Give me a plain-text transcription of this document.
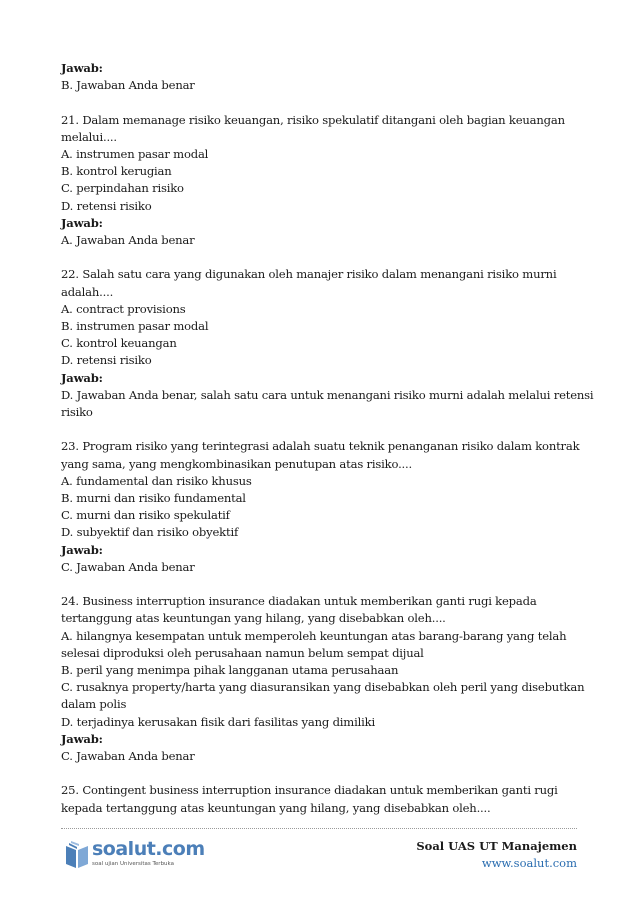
Jawab:
B. Jawaban Anda benar
21. Dalam memanage risiko keuangan, risiko spekulatif ditangani oleh bagian keuangan
melalui....
A. instrumen pasar modal
B. kontrol kerugian
C. perpindahan risiko
D. retensi risiko
Jawab:
A. Jawaban Anda benar
22. Salah satu cara yang digunakan oleh manajer risiko dalam menangani risiko murni
adalah....
A. contract provisions
B. instrumen pasar modal
C. kontrol keuangan
D. retensi risiko
Jawab:
D. Jawaban Anda benar, salah satu cara untuk menangani risiko murni adalah melalui retensi
risiko
23. Program risiko yang terintegrasi adalah suatu teknik penanganan risiko dalam kontrak
yang sama, yang mengkombinasikan penutupan atas risiko....
A. fundamental dan risiko khusus
B. murni dan risiko fundamental
C. murni dan risiko spekulatif
D. subyektif dan risiko obyektif
Jawab:
C. Jawaban Anda benar
24. Business interruption insurance diadakan untuk memberikan ganti rugi kepada
tertanggung atas keuntungan yang hilang, yang disebabkan oleh....
A. hilangnya kesempatan untuk memperoleh keuntungan atas barang-barang yang telah
selesai diproduksi oleh perusahaan namun belum sempat dijual
B. peril yang menimpa pihak langganan utama perusahaan
C. rusaknya property/harta yang diasuransikan yang disebabkan oleh peril yang disebutkan
dalam polis
D. terjadinya kerusakan fisik dari fasilitas yang dimiliki
Jawab:
C. Jawaban Anda benar
25. Contingent business interruption insurance diadakan untuk memberikan ganti rugi
kepada tertanggung atas keuntungan yang hilang, yang disebabkan oleh....
soalut.com
soal ujian Universitas Terbuka
Soal UAS UT Manajemen
www.soalut.com
